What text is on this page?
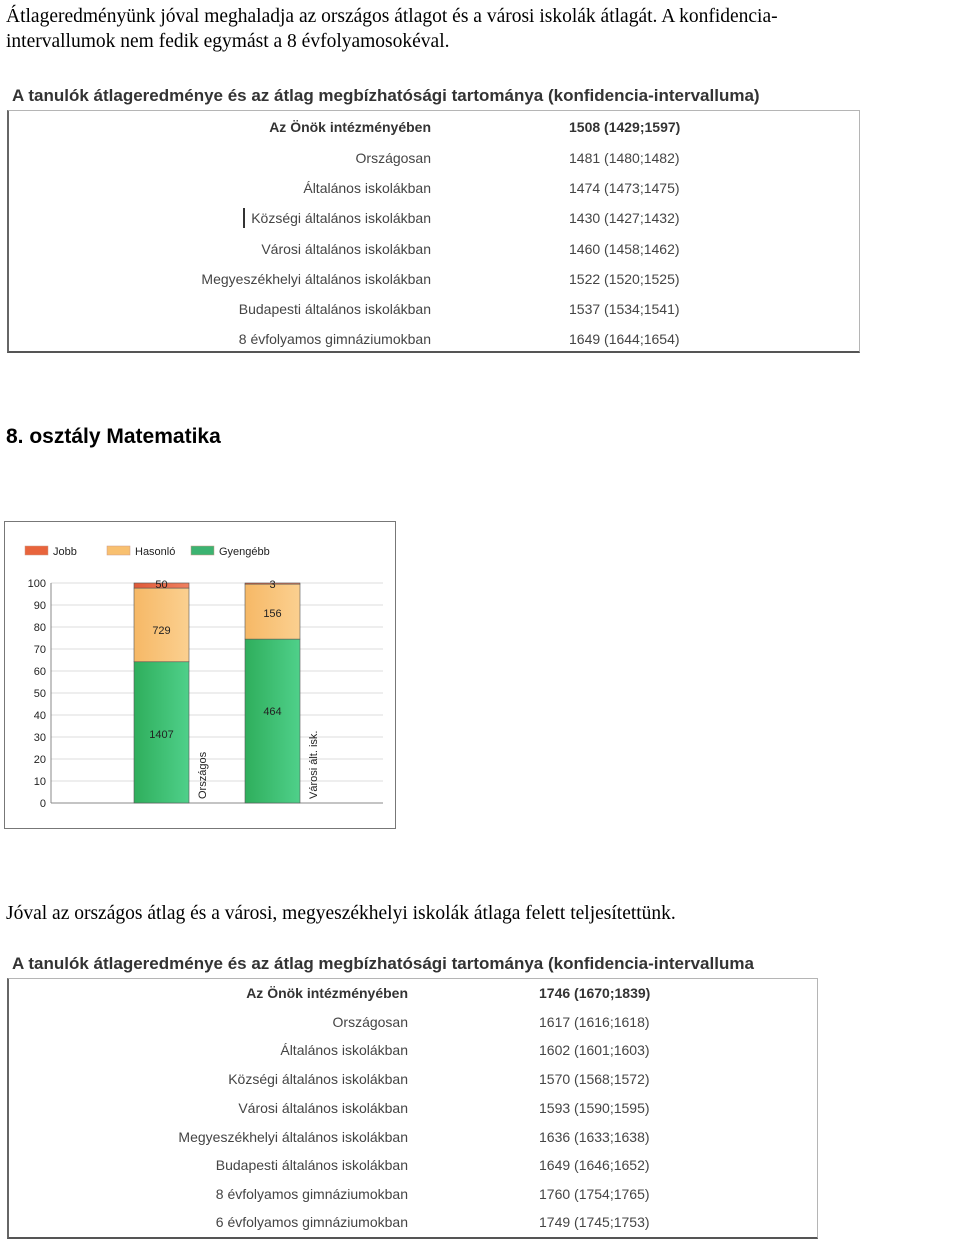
Átlageredményünk jóval meghaladja az országos átlagot és a városi iskolák átlagát. A konfidencia-
intervallumok nem fedik egymást a 8 évfolyamosokéval.
A tanulók átlageredménye és az átlag megbízhatósági tartománya (konfidencia-intervalluma)
Az Önök intézményében	1508 (1429;1597)
Országosan	1481 (1480;1482)
Általános iskolákban	1474 (1473;1475)
Községi általános iskolákban	1430 (1427;1432)
Városi általános iskolákban	1460 (1458;1462)
Megyeszékhelyi általános iskolákban	1522 (1520;1525)
Budapesti általános iskolákban	1537 (1534;1541)
8 évfolyamos gimnáziumokban	1649 (1644;1654)
8. osztály Matematika
Jobb	Hasonló	Gyengébb
0
10
20
30
40
50
60
70
80
90
100
1407
729
50
Országos
464
156
3
Városi ált. isk.
Jóval az országos átlag és a városi, megyeszékhelyi iskolák átlaga felett teljesítettünk.
A tanulók átlageredménye és az átlag megbízhatósági tartománya (konfidencia-intervalluma
Az Önök intézményében	1746 (1670;1839)
Országosan	1617 (1616;1618)
Általános iskolákban	1602 (1601;1603)
Községi általános iskolákban	1570 (1568;1572)
Városi általános iskolákban	1593 (1590;1595)
Megyeszékhelyi általános iskolákban	1636 (1633;1638)
Budapesti általános iskolákban	1649 (1646;1652)
8 évfolyamos gimnáziumokban	1760 (1754;1765)
6 évfolyamos gimnáziumokban	1749 (1745;1753)
